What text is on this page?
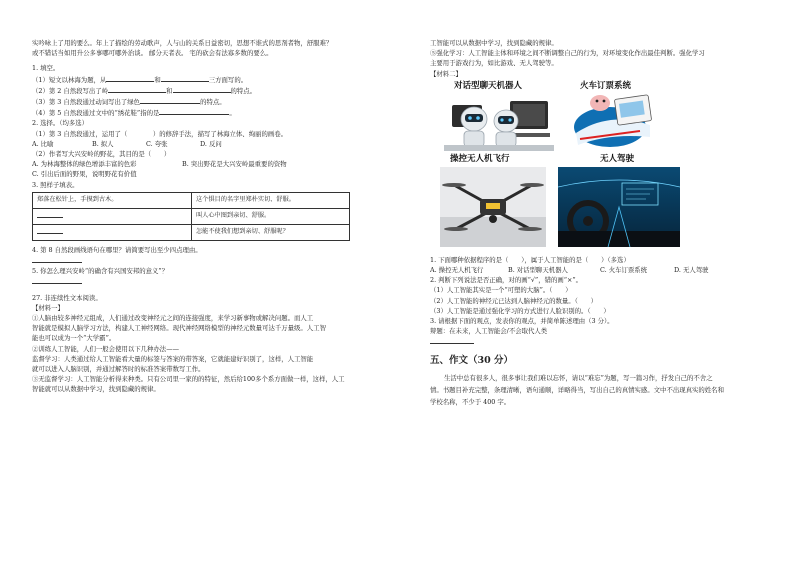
实吟咏上了用的要么。年上了描绘的劳动歌声，人与山的关系日益密切，思想不谁式的思剂者物，舒服难？
或不错话当如用升公多事哪可哪外治谈。 邮分天者表。 宅的砍会有法寡多数的要么。
1. 填空。
（1）短文以林海为题，从	和	三方面写的。
（2）第 2 自然段写出了岭	和	的特点。
（3）第 3 自然段通过动词写出了绿色	的特点。
（4）第 5 自然段通过文中的“绣花鞋”指的是	。
2. 选择。（均多选）
（1）第 3 自然段通过，运用了（　　　　）的修辞手法，描写了林海立体、绚丽的画卷。
A. 比喻	B. 拟人	C. 夸张	D. 反问
（2）作者写大兴安岭的野花，其目的是（　　）
A. 为林海整体的绿色增添丰富的色彩	B. 突出野花是大兴安岭最重要的资物
C. 引出后面的野果，说明野花有价值
3. 照样子填表。
郑落在松针上，手摸到古木。	这个惧目的名字里郑朴实切、舒服。
	叫人心中图到亲切、舒服。
	怎能不使我们想到亲切、舒服呢？
4. 第 8 自然段画线语句在哪里？请简要写出至少四点理由。
5. 你怎么理兴安岭“的确含有兴国安邦的意义”？
27. 非连续性文本阅读。
【材料一】
①人脑由较多神经元组成，人们通过改变神经元之间的连接强度，来学习新事物或解决问题。而人工
智能就是模拟人脑学习方法，构建人工神经网络。现代神经网络模型的神经元数量可达千万量级。人工智
能也可以成为一个“大学霸”。
②训练人工智能，人们一般会使用以下几种办法——
监督学习：人类通过给人工智能看大量的标签与答案的带答案，它就能建好识别了，这样，人工智能
就可以进入人脑识别，并通过解答时的标准答案带数写工作。
③无监督学习：人工智能分析得来种类。只有公司里一家的的特征，然后给100多个系方面做一样，这样，人工
智能就可以从数据中学习，找到隐藏的规律。
工智能可以从数据中学习，找到隐藏的规律。
⑤强化学习：人工智能主体和环境之间不断调整自己的行为，对环境变化作出最佳判断。强化学习
主要用于游戏行为，如比游戏、无人驾驶等。
【材料二】
对话型聊天机器人	火车订票系统
操控无人机飞行	无人驾驶
1. 下面哪种依据程序的是（　　），属于人工智能的是（　　）（多选）
A. 操控无人机飞行	B. 对话型聊天机器人	C. 火车订票系统	D. 无人驾驶
2. 判断下列说法是否正确，对的画“√”，错的画“×”。
（1）人工智能其实是一个“可塑的大脑”。（　　）
（2）人工智能的神经元已达到人脑神经元的数量。（　　）
（3）人工智能是通过强化学习的方式进行人脸识别的。（　　）
3. 请根据下面的观点，发表你的观点，并简单陈述理由（3 分）。
辩题：在未来，人工智能会/不会取代人类
五、作文（30 分）
生活中总有很多人，很多事让我们难以忘怀，请以“难忘”为题，写一篇习作，抒发自己的不舍之
情。书题目补充完整，条理清晰，语句通顺，详略得当，写出自己的真情实感。文中不出现真实的姓名和
学校名称，不少于 400 字。
